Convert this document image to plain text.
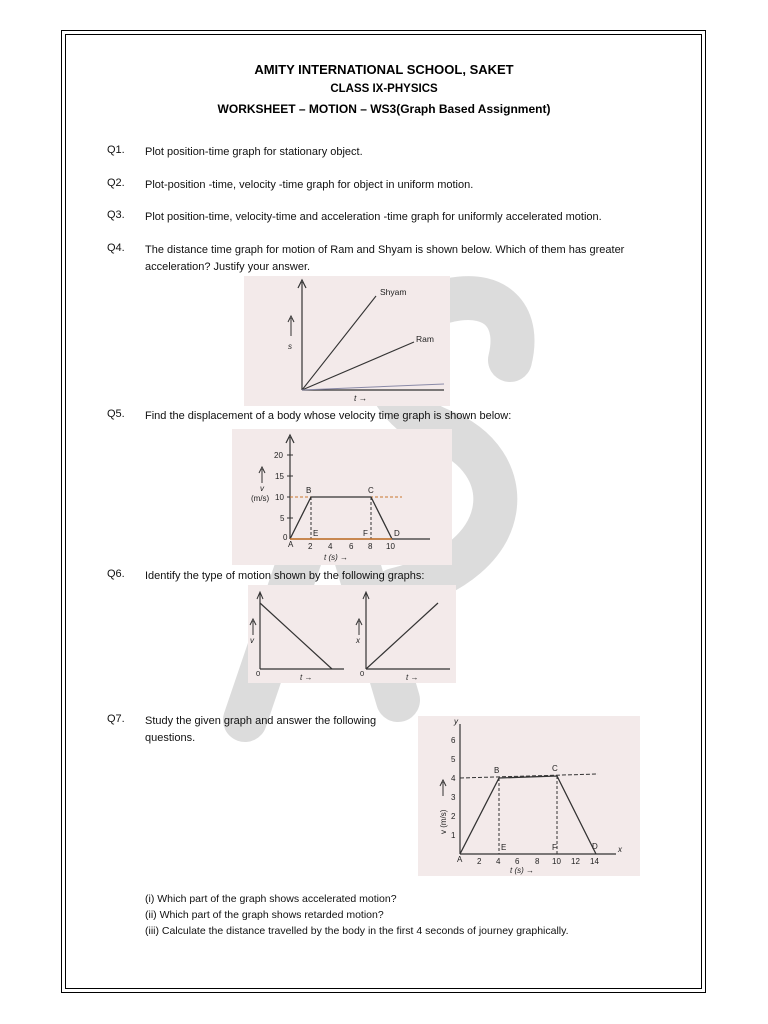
AMITY INTERNATIONAL SCHOOL, SAKET
CLASS IX-PHYSICS
WORKSHEET – MOTION – WS3(Graph Based Assignment)
Q1. Plot position-time graph for stationary object.
Q2. Plot-position -time, velocity -time graph for object in uniform motion.
Q3. Plot position-time, velocity-time and acceleration -time graph for uniformly accelerated motion.
Q4. The distance time graph for motion of Ram and Shyam is shown below. Which of them has greater
acceleration? Justify your answer.
s
Shyam
Ram
t →
Q5. Find the displacement of a body whose velocity time graph is shown below:
20
15
10
5
0
2 4 6 8 10
B	C
D
E	F
A
v
(m/s)
t (s) →
Q6. Identify the type of motion shown by the following graphs:
v
0	t →
x
0	t →
Q7. Study the given graph and answer the following
questions.
y
x
6
5
4
3
2
1
2 4 6 8 10 12 14
B	C
D
E	F
A
v (m/s)
t (s) →
(i) Which part of the graph shows accelerated motion?
(ii) Which part of the graph shows retarded motion?
(iii) Calculate the distance travelled by the body in the first 4 seconds of journey graphically.
